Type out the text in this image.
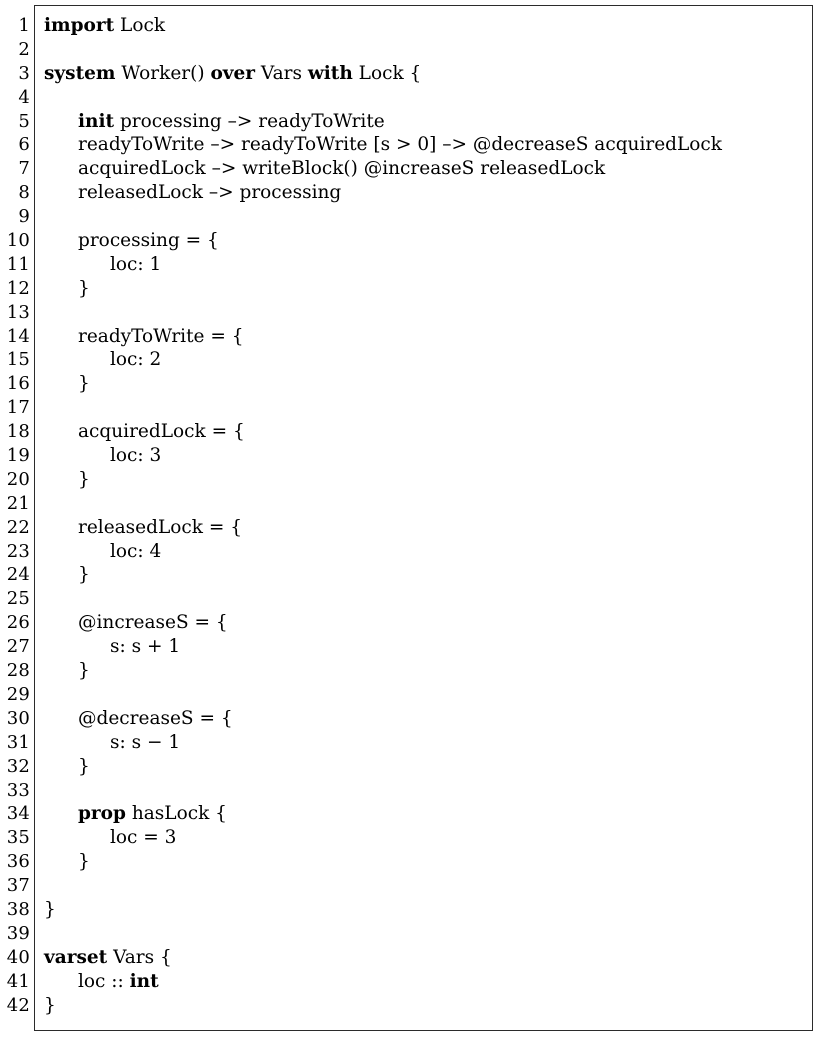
1
2
3
4
5
6
7
8
9
10
11
12
13
14
15
16
17
18
19
20
21
22
23
24
25
26
27
28
29
30
31
32
33
34
35
36
37
38
39
40
41
42
import Lock

system Worker() over Vars with Lock {

init processing –> readyToWrite
readyToWrite –> readyToWrite [s > 0] –> @decreaseS acquiredLock
acquiredLock –> writeBlock() @increaseS releasedLock
releasedLock –> processing

processing = {
loc: 1
}

readyToWrite = {
loc: 2
}

acquiredLock = {
loc: 3
}

releasedLock = {
loc: 4
}

@increaseS = {
s: s + 1
}

@decreaseS = {
s: s − 1
}

prop hasLock {
loc = 3
}

}

varset Vars {
loc :: int
}
